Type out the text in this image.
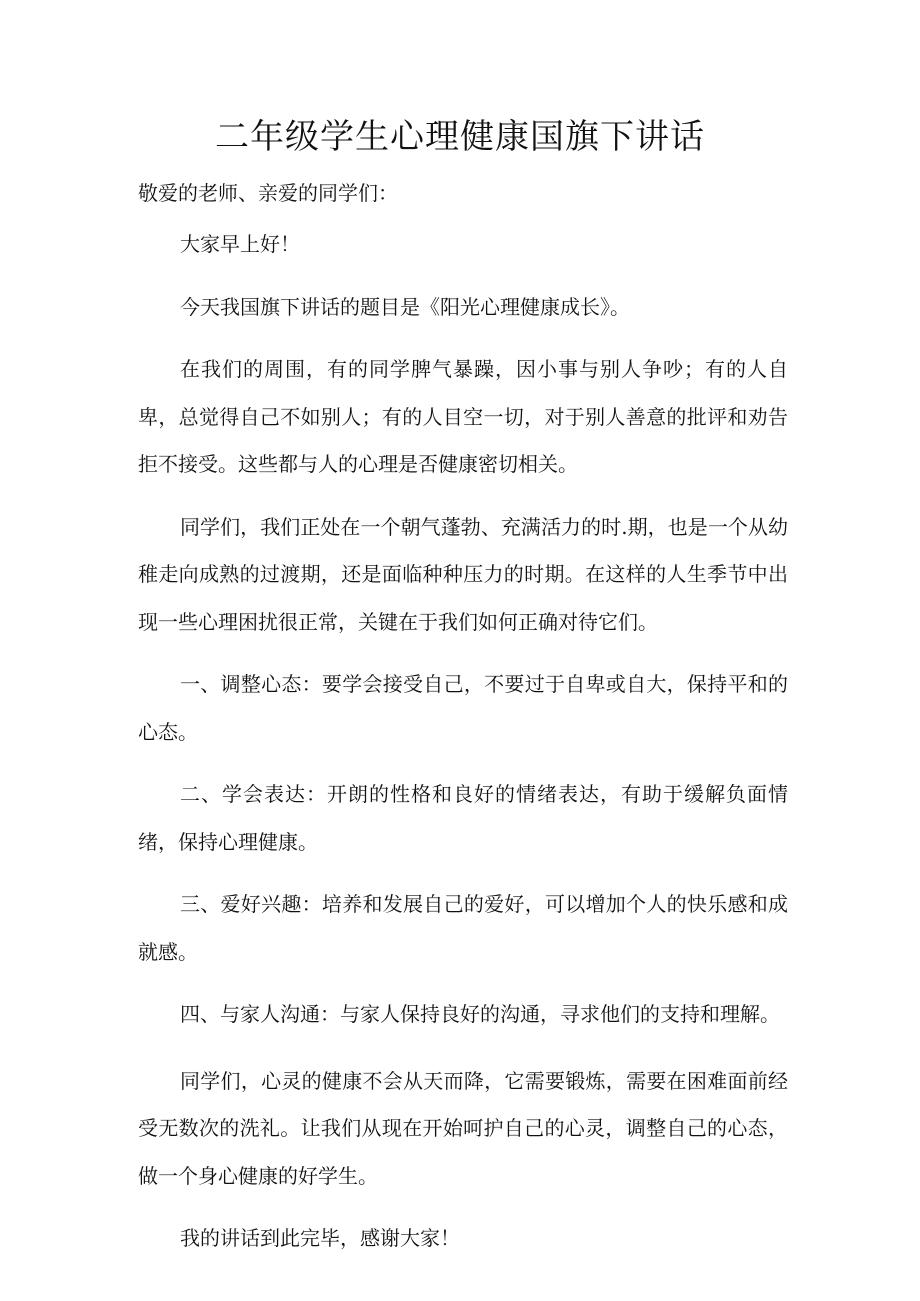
二年级学生心理健康国旗下讲话

敬爱的老师、亲爱的同学们：

大家早上好！

今天我国旗下讲话的题目是《阳光心理健康成长》。

在我们的周围，有的同学脾气暴躁，因小事与别人争吵；有的人自卑，总觉得自己不如别人；有的人目空一切，对于别人善意的批评和劝告拒不接受。这些都与人的心理是否健康密切相关。

同学们，我们正处在一个朝气蓬勃、充满活力的时.期，也是一个从幼稚走向成熟的过渡期，还是面临种种压力的时期。在这样的人生季节中出现一些心理困扰很正常，关键在于我们如何正确对待它们。

一、调整心态：要学会接受自己，不要过于自卑或自大，保持平和的心态。

二、学会表达：开朗的性格和良好的情绪表达，有助于缓解负面情绪，保持心理健康。

三、爱好兴趣：培养和发展自己的爱好，可以增加个人的快乐感和成就感。

四、与家人沟通：与家人保持良好的沟通，寻求他们的支持和理解。

同学们，心灵的健康不会从天而降，它需要锻炼，需要在困难面前经受无数次的洗礼。让我们从现在开始呵护自己的心灵，调整自己的心态，做一个身心健康的好学生。

我的讲话到此完毕，感谢大家！
